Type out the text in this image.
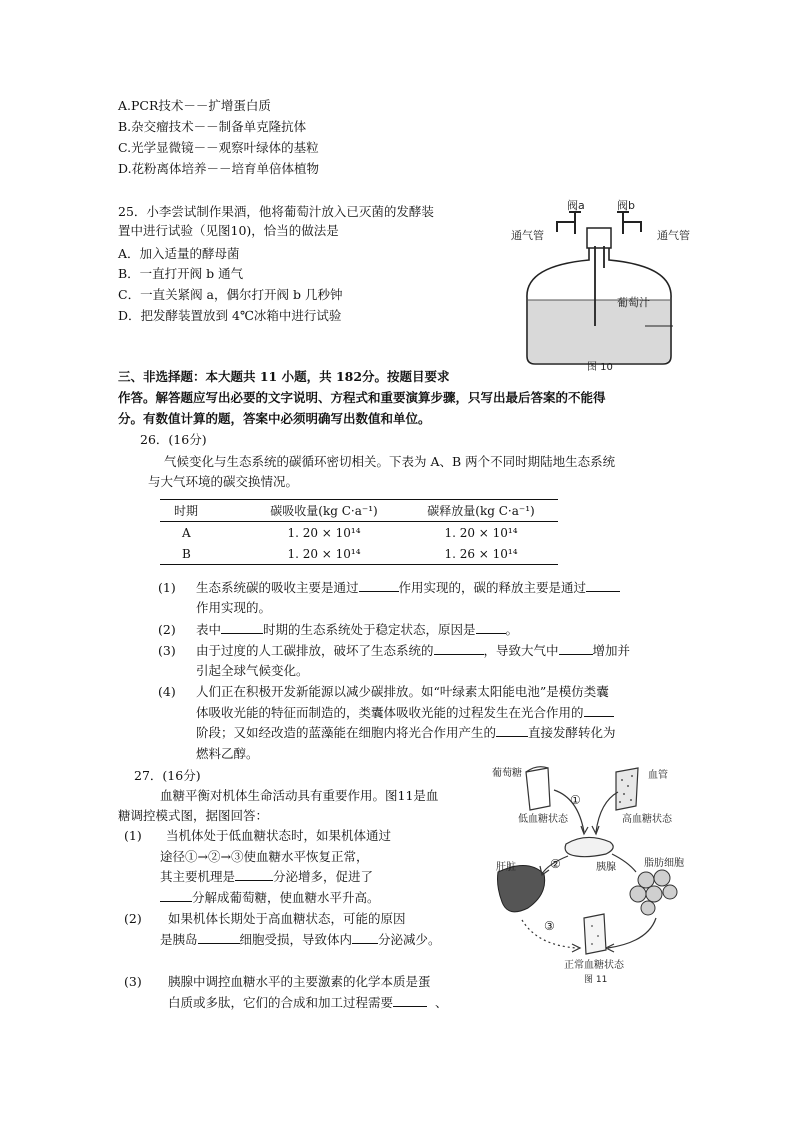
A.PCR技术－－扩增蛋白质
B.杂交瘤技术－－制备单克隆抗体
C.光学显微镜－－观察叶绿体的基粒
D.花粉离体培养－－培育单倍体植物
25．小李尝试制作果酒，他将葡萄汁放入已灭菌的发酵装
置中进行试验（见图10)，恰当的做法是
A．加入适量的酵母菌
B．一直打开阀 b 通气
C．一直关紧阀 a，偶尔打开阀 b 几秒钟
D．把发酵装置放到 4℃冰箱中进行试验
阀a	阀b
通气管	通气管
葡萄汁
图 10
三、非选择题：本大题共 11 小题，共 182分。按题目要求
作答。解答题应写出必要的文字说明、方程式和重要演算步骤，只写出最后答案的不能得
分。有数值计算的题，答案中必须明确写出数值和单位。
26．(16分)
气候变化与生态系统的碳循环密切相关。下表为 A、B 两个不同时期陆地生态系统
与大气环境的碳交换情况。
时期	碳吸收量(kg C·a⁻¹)	碳释放量(kg C·a⁻¹)
A	1. 20 × 10¹⁴	1. 20 × 10¹⁴
B	1. 20 × 10¹⁴	1. 26 × 10¹⁴
(1) 生态系统碳的吸收主要是通过	作用实现的，碳的释放主要是通过
作用实现的。
(2) 表中	时期的生态系统处于稳定状态，原因是 。
(3) 由于过度的人工碳排放，破坏了生态系统的	，导致大气中	增加并
引起全球气候变化。
(4) 人们正在积极开发新能源以减少碳排放。如“叶绿素太阳能电池”是模仿类囊
体吸收光能的特征而制造的，类囊体吸收光能的过程发生在光合作用的
阶段；又如经改造的蓝藻能在细胞内将光合作用产生的	直接发酵转化为
燃料乙醇。
27．(16分)
血糖平衡对机体生命活动具有重要作用。图11是血
糖调控模式图，据图回答：
(1) 当机体处于低血糖状态时，如果机体通过
途径①→②→③使血糖水平恢复正常，
其主要机理是	分泌增多，促进了
分解成葡萄糖，使血糖水平升高。
(2) 如果机体长期处于高血糖状态，可能的原因
是胰岛	细胞受损，导致体内 分泌减少。
(3) 胰腺中调控血糖水平的主要激素的化学本质是蛋
白质或多肽，它们的合成和加工过程需要	、
葡萄糖	血管
低血糖状态	高血糖状态
①
胰腺
肝脏	脂肪细胞
②
③
正常血糖状态
图 11
